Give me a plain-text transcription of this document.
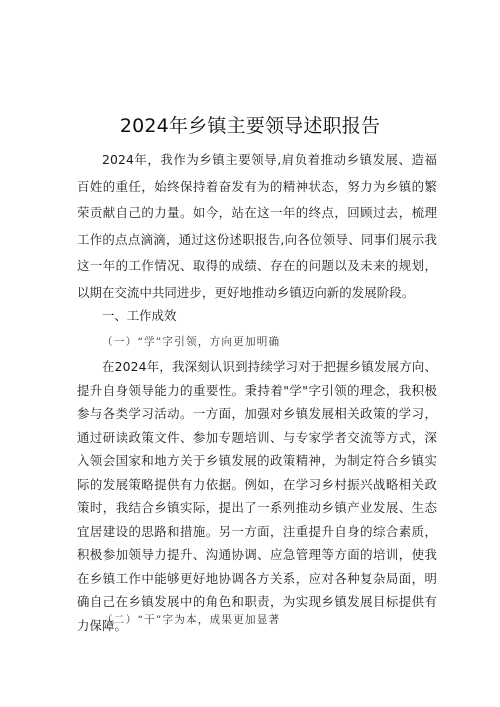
2024年乡镇主要领导述职报告
2024年，我作为乡镇主要领导,肩负着推动乡镇发展、造福百姓的重任，始终保持着奋发有为的精神状态，努力为乡镇的繁荣贡献自己的力量。如今，站在这一年的终点，回顾过去，梳理工作的点点滴滴，通过这份述职报告,向各位领导、同事们展示我这一年的工作情况、取得的成绩、存在的问题以及未来的规划，以期在交流中共同进步，更好地推动乡镇迈向新的发展阶段。
一、工作成效
（一）“学”字引领，方向更加明确
在2024年，我深刻认识到持续学习对于把握乡镇发展方向、提升自身领导能力的重要性。秉持着"学"字引领的理念，我积极参与各类学习活动。一方面，加强对乡镇发展相关政策的学习，通过研读政策文件、参加专题培训、与专家学者交流等方式，深入领会国家和地方关于乡镇发展的政策精神，为制定符合乡镇实际的发展策略提供有力依据。例如，在学习乡村振兴战略相关政策时，我结合乡镇实际，提出了一系列推动乡镇产业发展、生态宜居建设的思路和措施。另一方面，注重提升自身的综合素质，积极参加领导力提升、沟通协调、应急管理等方面的培训，使我在乡镇工作中能够更好地协调各方关系，应对各种复杂局面，明确自己在乡镇发展中的角色和职责，为实现乡镇发展目标提供有力保障。
（二）“干”字为本，成果更加显著
